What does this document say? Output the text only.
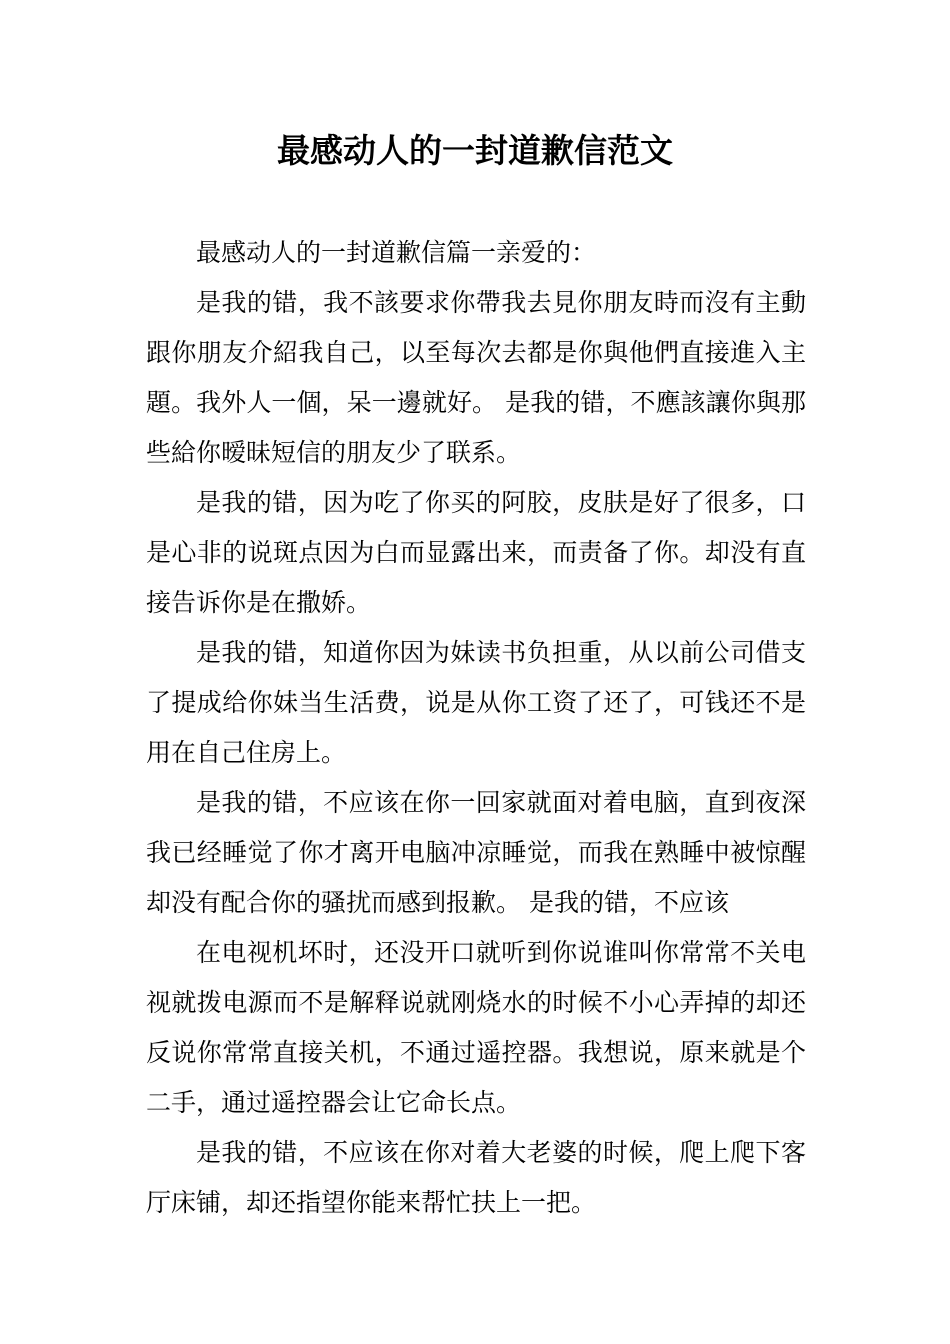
最感动人的一封道歉信范文

最感动人的一封道歉信篇一亲爱的：

是我的错，我不該要求你帶我去見你朋友時而沒有主動跟你朋友介紹我自己，以至每次去都是你與他們直接進入主題。我外人一個，呆一邊就好。 是我的错，不應該讓你與那些給你暧昧短信的朋友少了联系。

是我的错，因为吃了你买的阿胶，皮肤是好了很多，口是心非的说斑点因为白而显露出来，而责备了你。却没有直接告诉你是在撒娇。

是我的错，知道你因为妹读书负担重，从以前公司借支了提成给你妹当生活费，说是从你工资了还了，可钱还不是用在自己住房上。

是我的错，不应该在你一回家就面对着电脑，直到夜深我已经睡觉了你才离开电脑冲凉睡觉，而我在熟睡中被惊醒却没有配合你的骚扰而感到报歉。 是我的错，不应该

在电视机坏时，还没开口就听到你说谁叫你常常不关电视就拨电源而不是解释说就刚烧水的时候不小心弄掉的却还反说你常常直接关机，不通过遥控器。我想说，原来就是个二手，通过遥控器会让它命长点。

是我的错，不应该在你对着大老婆的时候，爬上爬下客厅床铺，却还指望你能来帮忙扶上一把。
